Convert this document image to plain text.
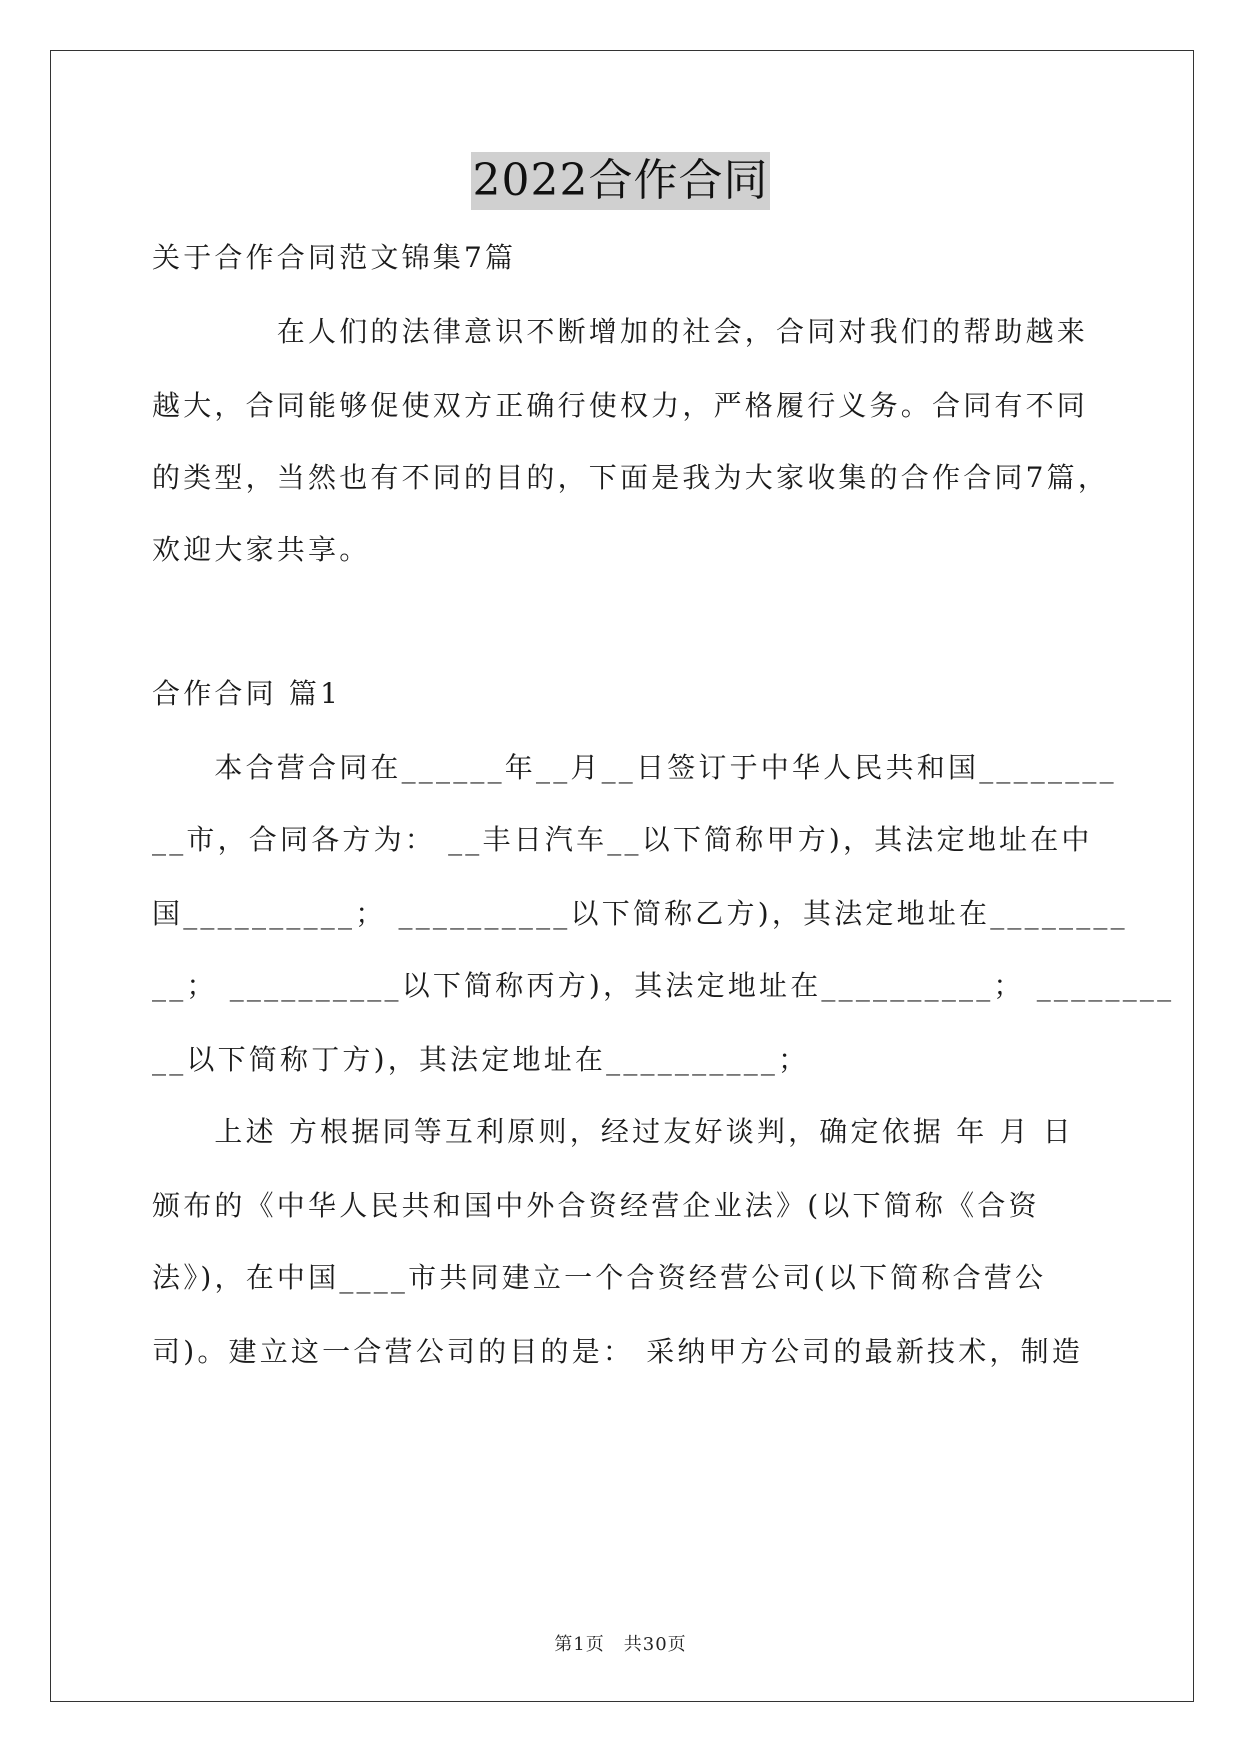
2022合作合同
关于合作合同范文锦集7篇
　　　　在人们的法律意识不断增加的社会，合同对我们的帮助越来
越大，合同能够促使双方正确行使权力，严格履行义务。合同有不同
的类型，当然也有不同的目的，下面是我为大家收集的合作合同7篇，
欢迎大家共享。
合作合同 篇1
　　本合营合同在______年__月__日签订于中华人民共和国________
__市，合同各方为： __丰日汽车__以下简称甲方)，其法定地址在中
国__________； __________以下简称乙方)，其法定地址在________
__； __________以下简称丙方)，其法定地址在__________； ________
__以下简称丁方)，其法定地址在__________；
　　上述 方根据同等互利原则，经过友好谈判，确定依据 年 月 日
颁布的《中华人民共和国中外合资经营企业法》(以下简称《合资
法》)，在中国____市共同建立一个合资经营公司(以下简称合营公
司)。建立这一合营公司的目的是： 采纳甲方公司的最新技术，制造
第1页　共30页
